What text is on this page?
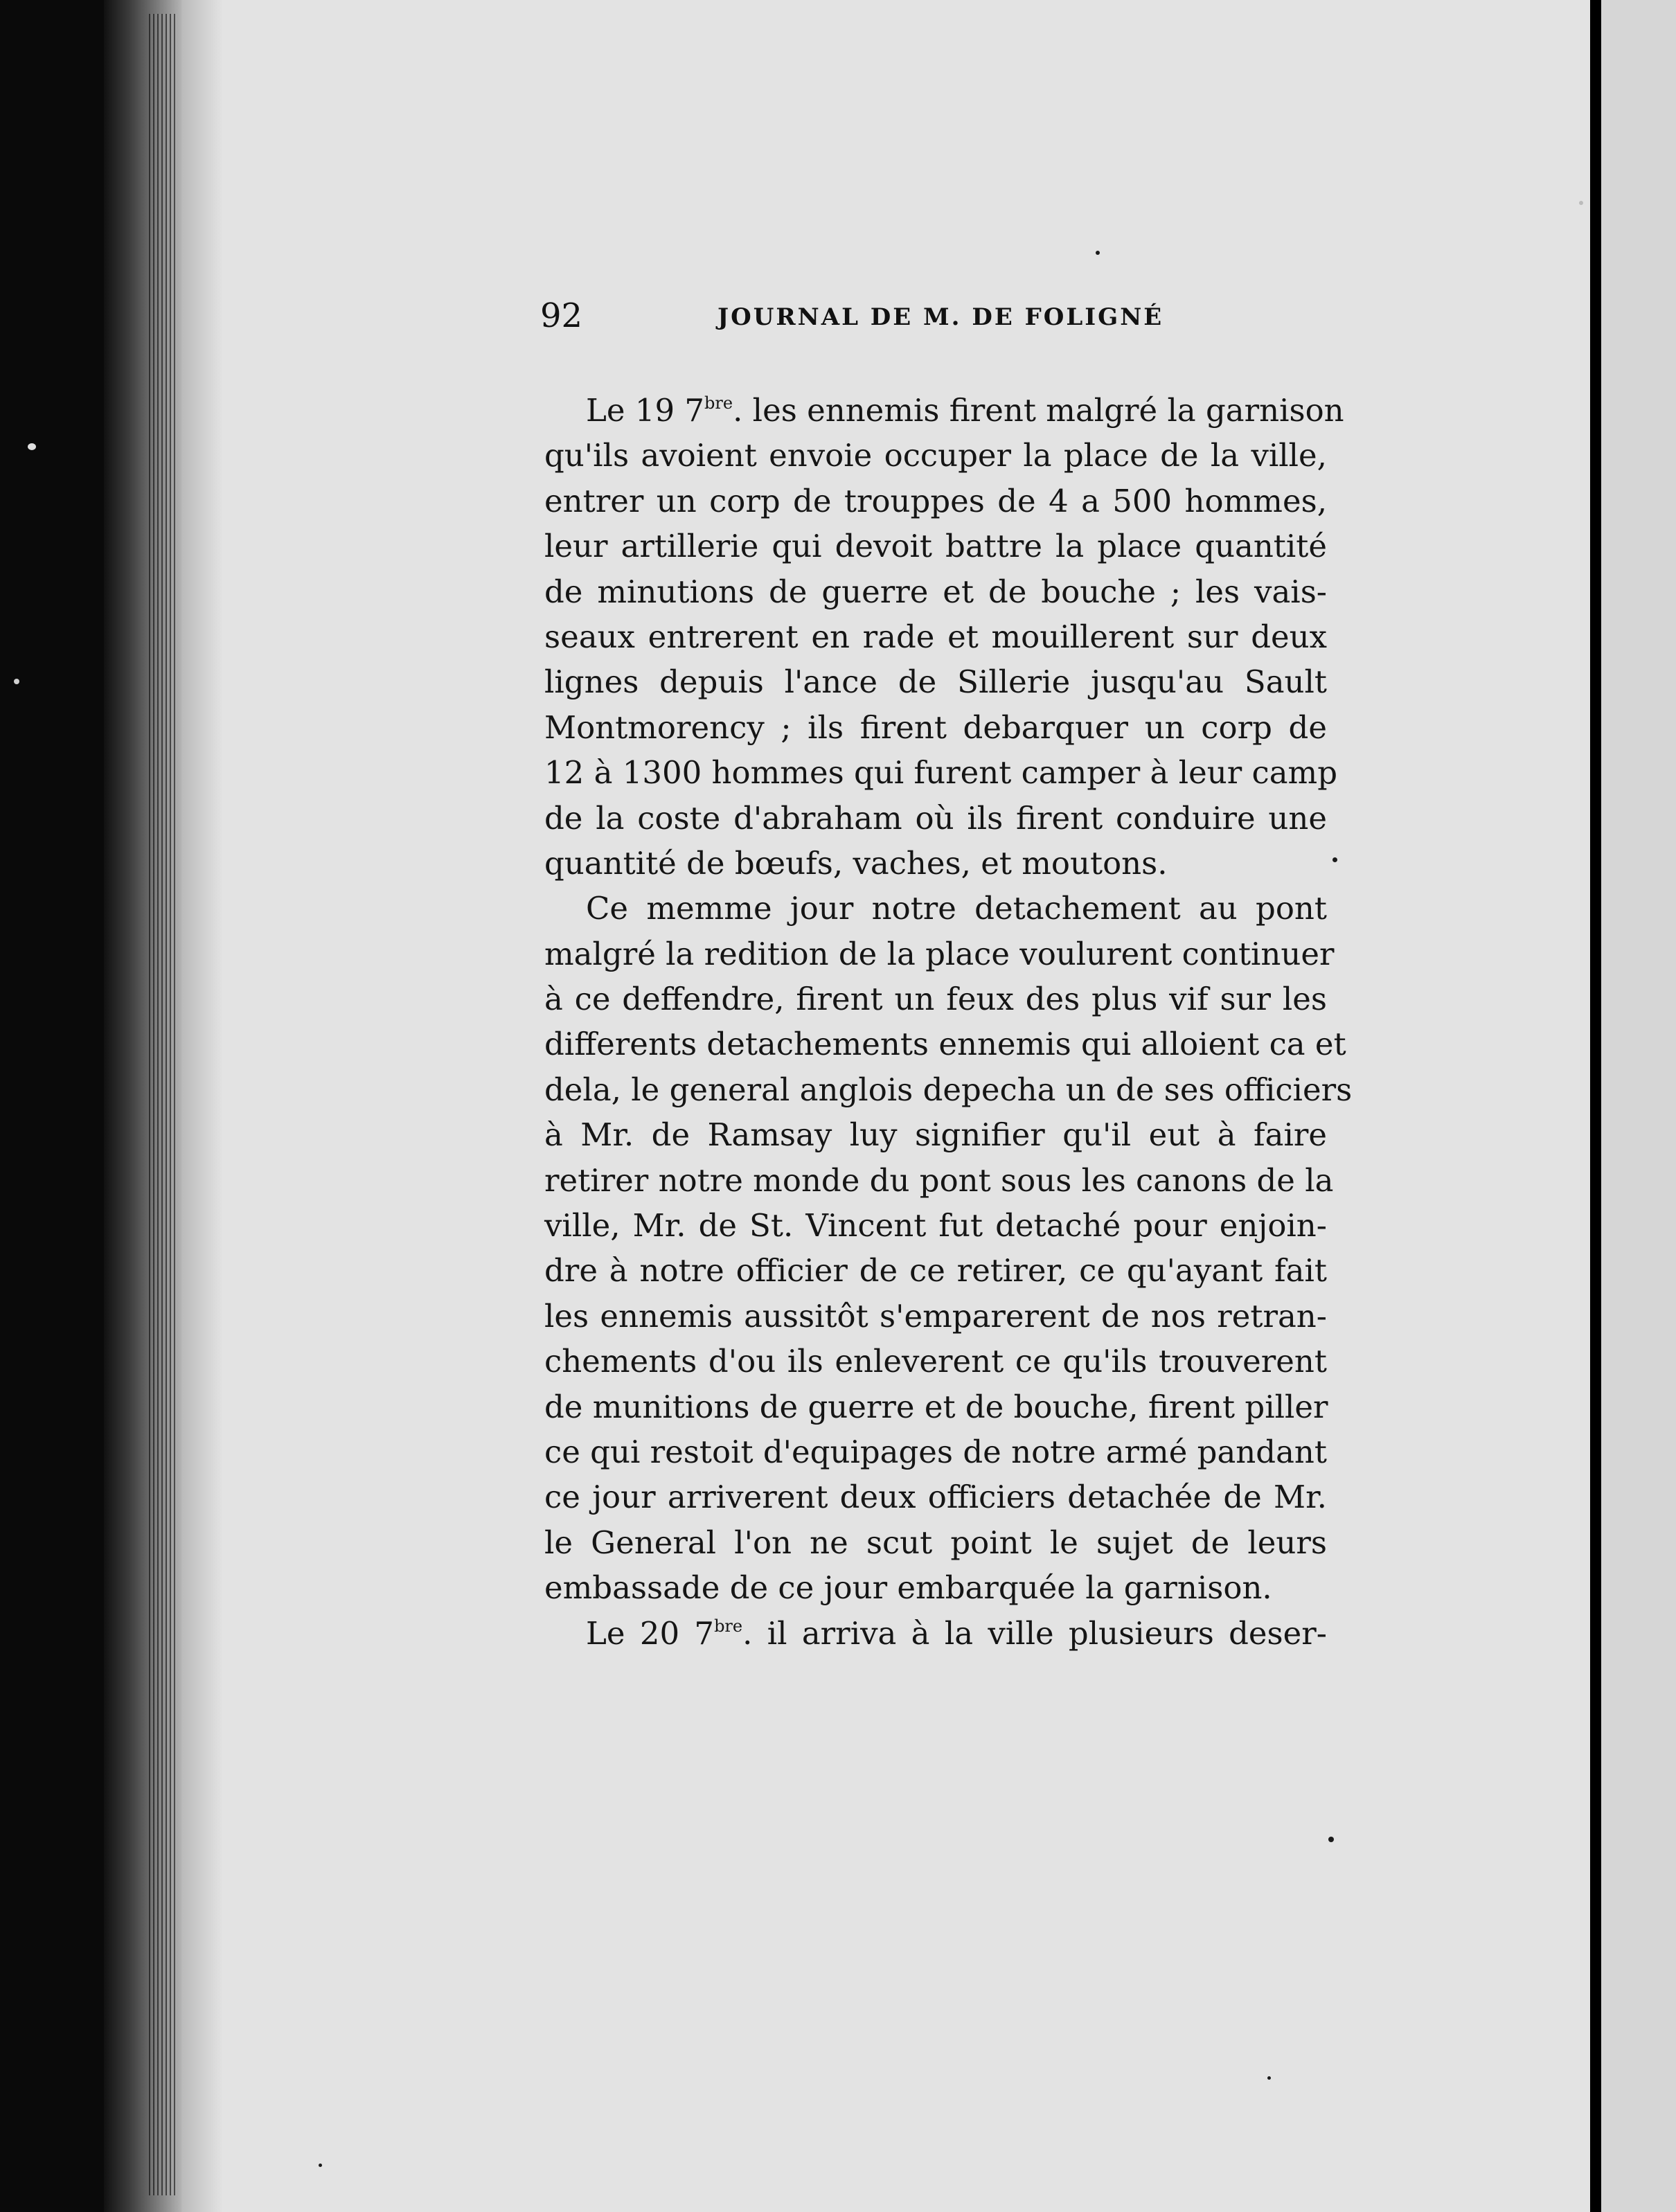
92	JOURNAL DE M. DE FOLIGNÉ
Le 19 $7^{bre}$. les ennemis firent malgré la garnison
qu'ils avoient envoie occuper la place de la ville,
entrer un corp de trouppes de 4 a 500 hommes,
leur artillerie qui devoit battre la place quantité
de minutions de guerre et de bouche ; les vais-
seaux entrerent en rade et mouillerent sur deux
lignes depuis l'ance de Sillerie jusqu'au Sault
Montmorency ; ils firent debarquer un corp de
12 à 1300 hommes qui furent camper à leur camp
de la coste d'abraham où ils firent conduire une
quantité de bœufs, vaches, et moutons.
Ce memme jour notre detachement au pont
malgré la redition de la place voulurent continuer
à ce deffendre, firent un feux des plus vif sur les
differents detachements ennemis qui alloient ca et
dela, le general anglois depecha un de ses officiers
à Mr. de Ramsay luy signifier qu'il eut à faire
retirer notre monde du pont sous les canons de la
ville, Mr. de St. Vincent fut detaché pour enjoin-
dre à notre officier de ce retirer, ce qu'ayant fait
les ennemis aussitôt s'emparerent de nos retran-
chements d'ou ils enleverent ce qu'ils trouverent
de munitions de guerre et de bouche, firent piller
ce qui restoit d'equipages de notre armé pandant
ce jour arriverent deux officiers detachée de Mr.
le General l'on ne scut point le sujet de leurs
embassade de ce jour embarquée la garnison.
Le 20 $7^{bre}$. il arriva à la ville plusieurs deser-
